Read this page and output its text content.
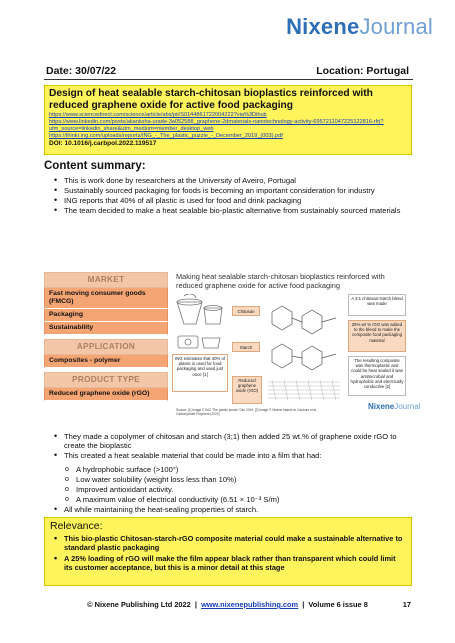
NixeneJournal
Date: 30/07/22	Location: Portugal
Design of heat sealable starch-chitosan bioplastics reinforced with reduced graphene oxide for active food packaging
https://www.sciencedirect.com/science/article/abs/pii/S0144861722004222?via%3Dihub
https://www.linkedin.com/posts/akanksha-urade-3a052588_graphene-2dmaterials-nanotechnology-activity-6957211047225122816-rfrj?utm_source=linkedin_share&utm_medium=member_desktop_web
https://thinkr.ing.com/uploads/reports/ING_-_The_plastic_puzzle_-_December_2019_(003).pdf
DOI: 10.1016/j.carbpol.2022.119517
Content summary:
• This is work done by researchers at the University of Aveiro, Portugal
• Sustainably sourced packaging for foods is becoming an important consideration for industry
• ING reports that 40% of all plastic is used for food and drink packaging
• The team decided to make a heat sealable bio-plastic alternative from sustainably sourced materials
MARKET
Fast moving consumer goods (FMCG)
Packaging
Sustainability
APPLICATION
Composites - polymer
PRODUCT TYPE
Reduced graphene oxide (rGO)
Making heat sealable starch-chitosan bioplastics reinforced with reduced graphene oxide for active food packaging
ING estimates that 40% of plastic is used for food packaging and used just once [1]
Chitosan
Starch
Reduced graphene oxide (rGO)
A 3:1 chitosan:starch blend was made
25% wt % rGO was added to the blend to make the composite food packaging material
The resulting composite was thermoplastic and could be heat sealed it was antimicrobial and hydrophobic and electrically conductive [2]
Source: [1] Image © ING 'The plastic puzzle' Dec 2019; [2] Image © Nixene based on Cardoso et al. Carbohydrate Polymers (2022)
NixeneJournal
• They made a copolymer of chitosan and starch (3;1) then added 25 wt.% of graphene oxide rGO to create the bioplastic
• This created a heat sealable material that could be made into a film that had:
o A hydrophobic surface (>100°)
o Low water solubility (weight loss less than 10%)
o Improved antioxidant activity.
o A maximum value of electrical conductivity (6.51 × 10⁻³ S/m)
• All while maintaining the heat-sealing properties of starch.
Relevance:
• This bio-plastic Chitosan-starch-rGO composite material could make a sustainable alternative to standard plastic packaging
• A 25% loading of rGO will make the film appear black rather than transparent which could limit its customer acceptance, but this is a minor detail at this stage
© Nixene Publishing Ltd 2022 | www.nixenepublishing.com | Volume 6 issue 8	17
